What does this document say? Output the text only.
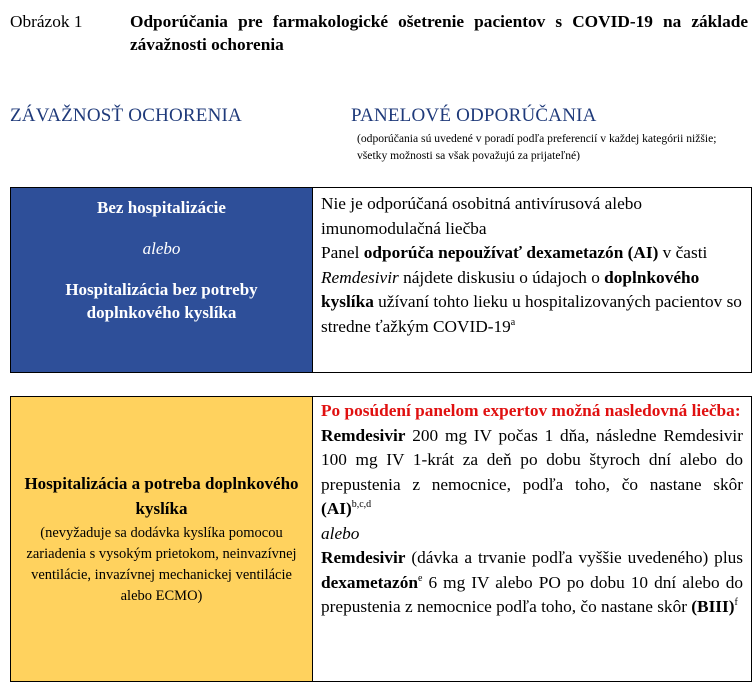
Obrázok 1	Odporúčania pre farmakologické ošetrenie pacientov s COVID-19 na základe závažnosti ochorenia
ZÁVAŽNOSŤ OCHORENIA	PANELOVÉ ODPORÚČANIA
(odporúčania sú uvedené v poradí podľa preferencií v každej kategórii nižšie; všetky možnosti sa však považujú za prijateľné)
Bez hospitalizácie
alebo
Hospitalizácia bez potreby doplnkového kyslíka

Nie je odporúčaná osobitná antivírusová alebo imunomodulačná liečba

Panel odporúča nepoužívať dexametazón (AI) v časti Remdesivir nájdete diskusiu o údajoch o doplnkového kyslíka užívaní tohto lieku u hospitalizovaných pacientov so stredne ťažkým COVID-19$^a$

Hospitalizácia a potreba doplnkového kyslíka
(nevyžaduje sa dodávka kyslíka pomocou zariadenia s vysokým prietokom, neinvazívnej ventilácie, invazívnej mechanickej ventilácie alebo ECMO)

Po posúdení panelom expertov možná nasledovná liečba:

Remdesivir 200 mg IV počas 1 dňa, následne Remdesivir 100 mg IV 1-krát za deň po dobu štyroch dní alebo do prepustenia z nemocnice, podľa toho, čo nastane skôr (AI)$^{b,c,d}$

alebo

Remdesivir (dávka a trvanie podľa vyššie uvedeného) plus dexametazón$^e$ 6 mg IV alebo PO po dobu 10 dní alebo do prepustenia z nemocnice podľa toho, čo nastane skôr (BIII)$^f$
